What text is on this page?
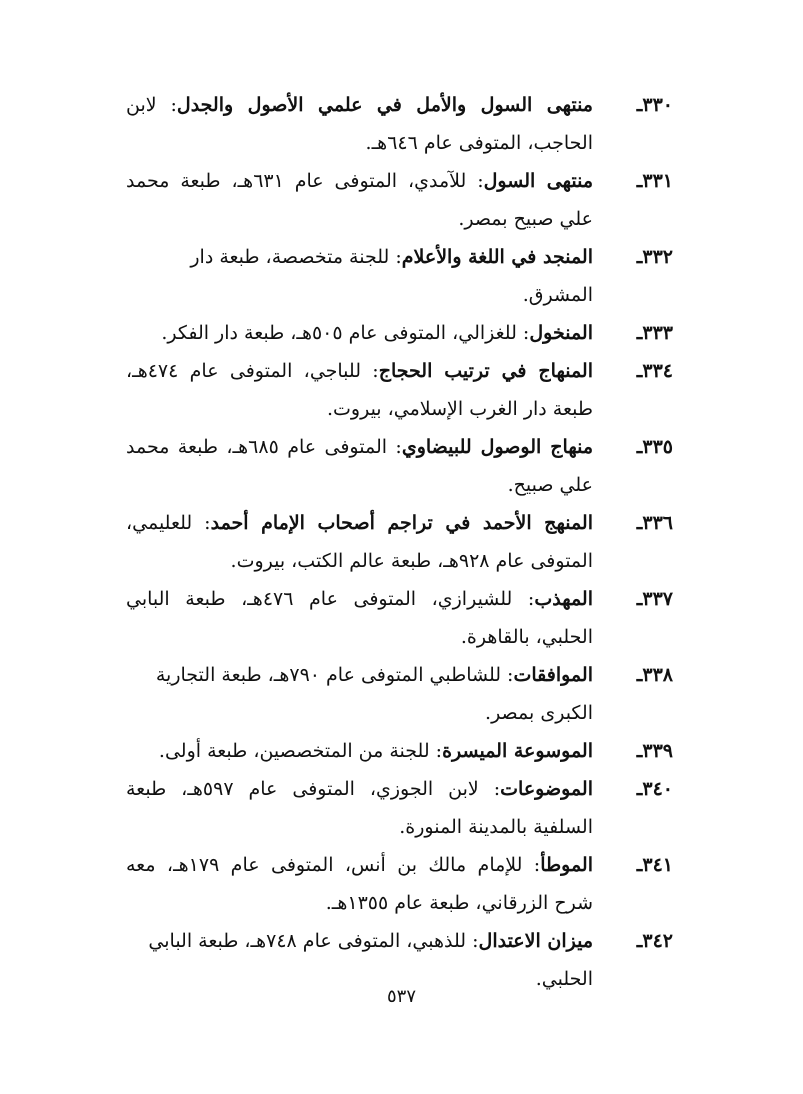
٣٣٠ـ
منتهى السول والأمل في علمي الأصول والجدل: لابن الحاجب، المتوفى عام ٦٤٦هـ.
٣٣١ـ
منتهى السول: للآمدي، المتوفى عام ٦٣١هـ، طبعة محمد علي صبيح بمصر.
٣٣٢ـ
المنجد في اللغة والأعلام: للجنة متخصصة، طبعة دار المشرق.
٣٣٣ـ
المنخول: للغزالي، المتوفى عام ٥٠٥هـ، طبعة دار الفكر.
٣٣٤ـ
المنهاج في ترتيب الحجاج: للباجي، المتوفى عام ٤٧٤هـ، طبعة دار الغرب الإسلامي، بيروت.
٣٣٥ـ
منهاج الوصول للبيضاوي: المتوفى عام ٦٨٥هـ، طبعة محمد علي صبيح.
٣٣٦ـ
المنهج الأحمد في تراجم أصحاب الإمام أحمد: للعليمي، المتوفى عام ٩٢٨هـ، طبعة عالم الكتب، بيروت.
٣٣٧ـ
المهذب: للشيرازي، المتوفى عام ٤٧٦هـ، طبعة البابي الحلبي، بالقاهرة.
٣٣٨ـ
الموافقات: للشاطبي المتوفى عام ٧٩٠هـ، طبعة التجارية الكبرى بمصر.
٣٣٩ـ
الموسوعة الميسرة: للجنة من المتخصصين، طبعة أولى.
٣٤٠ـ
الموضوعات: لابن الجوزي، المتوفى عام ٥٩٧هـ، طبعة السلفية بالمدينة المنورة.
٣٤١ـ
الموطأ: للإمام مالك بن أنس، المتوفى عام ١٧٩هـ، معه شرح الزرقاني، طبعة عام ١٣٥٥هـ.
٣٤٢ـ
ميزان الاعتدال: للذهبي، المتوفى عام ٧٤٨هـ، طبعة البابي الحلبي.
٥٣٧
